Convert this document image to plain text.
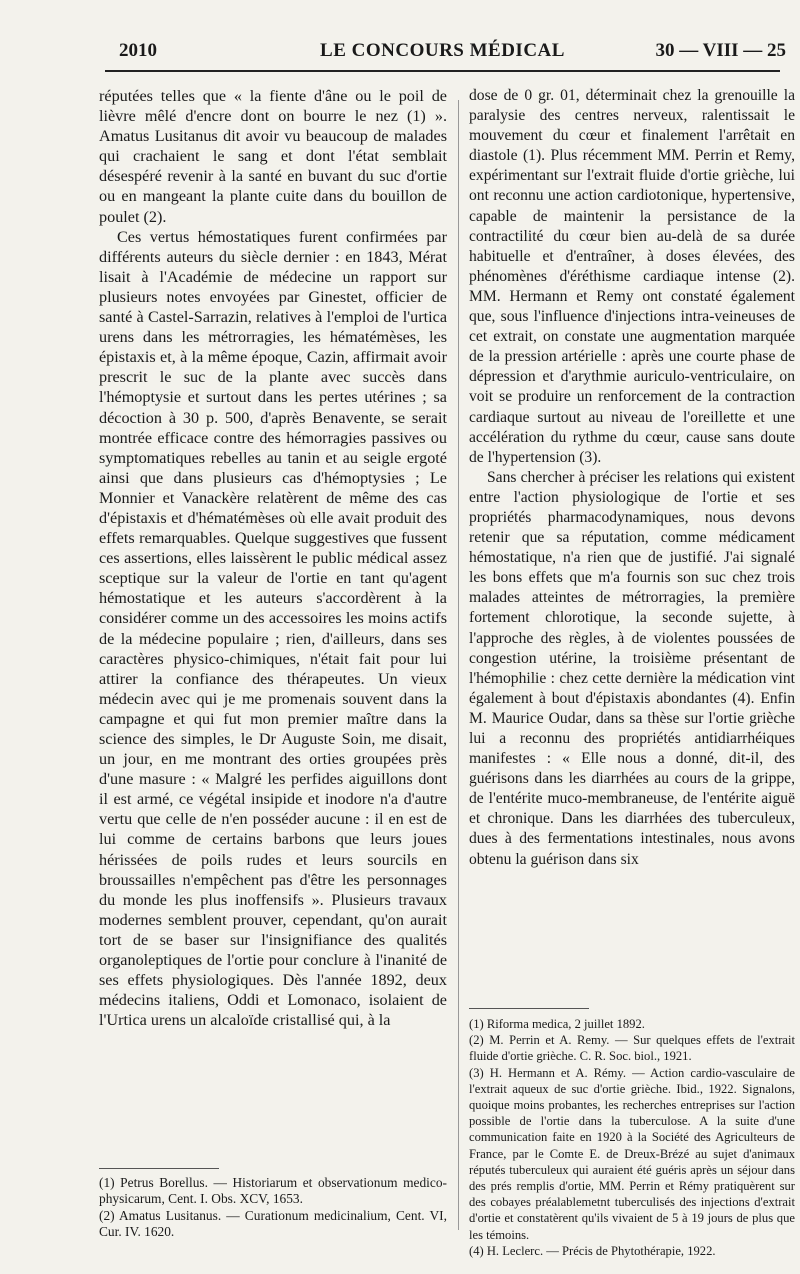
2010	LE CONCOURS MÉDICAL	30 — VIII — 25

réputées telles que « la fiente d'âne ou le poil de lièvre mêlé d'encre dont on bourre le nez (1) ». Amatus Lusitanus dit avoir vu beaucoup de malades qui crachaient le sang et dont l'état semblait désespéré revenir à la santé en buvant du suc d'ortie ou en mangeant la plante cuite dans du bouillon de poulet (2).

Ces vertus hémostatiques furent confirmées par différents auteurs du siècle dernier : en 1843, Mérat lisait à l'Académie de médecine un rapport sur plusieurs notes envoyées par Ginestet, officier de santé à Castel-Sarrazin, relatives à l'emploi de l'urtica urens dans les métrorragies, les hématémèses, les épistaxis et, à la même époque, Cazin, affirmait avoir prescrit le suc de la plante avec succès dans l'hémoptysie et surtout dans les pertes utérines ; sa décoction à 30 p. 500, d'après Benavente, se serait montrée efficace contre des hémorragies passives ou symptomatiques rebelles au tanin et au seigle ergoté ainsi que dans plusieurs cas d'hémoptysies ; Le Monnier et Vanackère relatèrent de même des cas d'épistaxis et d'hématémèses où elle avait produit des effets remarquables. Quelque suggestives que fussent ces assertions, elles laissèrent le public médical assez sceptique sur la valeur de l'ortie en tant qu'agent hémostatique et les auteurs s'accordèrent à la considérer comme un des accessoires les moins actifs de la médecine populaire ; rien, d'ailleurs, dans ses caractères physico-chimiques, n'était fait pour lui attirer la confiance des thérapeutes. Un vieux médecin avec qui je me promenais souvent dans la campagne et qui fut mon premier maître dans la science des simples, le Dr Auguste Soin, me disait, un jour, en me montrant des orties groupées près d'une masure : « Malgré les perfides aiguillons dont il est armé, ce végétal insipide et inodore n'a d'autre vertu que celle de n'en posséder aucune : il en est de lui comme de certains barbons que leurs joues hérissées de poils rudes et leurs sourcils en broussailles n'empêchent pas d'être les personnages du monde les plus inoffensifs ». Plusieurs travaux modernes semblent prouver, cependant, qu'on aurait tort de se baser sur l'insignifiance des qualités organoleptiques de l'ortie pour conclure à l'inanité de ses effets physiologiques. Dès l'année 1892, deux médecins italiens, Oddi et Lomonaco, isolaient de l'Urtica urens un alcaloïde cristallisé qui, à la

dose de 0 gr. 01, déterminait chez la grenouille la paralysie des centres nerveux, ralentissait le mouvement du cœur et finalement l'arrêtait en diastole (1). Plus récemment MM. Perrin et Remy, expérimentant sur l'extrait fluide d'ortie grièche, lui ont reconnu une action cardiotonique, hypertensive, capable de maintenir la persistance de la contractilité du cœur bien au-delà de sa durée habituelle et d'entraîner, à doses élevées, des phénomènes d'éréthisme cardiaque intense (2). MM. Hermann et Remy ont constaté également que, sous l'influence d'injections intra-veineuses de cet extrait, on constate une augmentation marquée de la pression artérielle : après une courte phase de dépression et d'arythmie auriculo-ventriculaire, on voit se produire un renforcement de la contraction cardiaque surtout au niveau de l'oreillette et une accélération du rythme du cœur, cause sans doute de l'hypertension (3).

Sans chercher à préciser les relations qui existent entre l'action physiologique de l'ortie et ses propriétés pharmacodynamiques, nous devons retenir que sa réputation, comme médicament hémostatique, n'a rien que de justifié. J'ai signalé les bons effets que m'a fournis son suc chez trois malades atteintes de métrorragies, la première fortement chlorotique, la seconde sujette, à l'approche des règles, à de violentes poussées de congestion utérine, la troisième présentant de l'hémophilie : chez cette dernière la médication vint également à bout d'épistaxis abondantes (4). Enfin M. Maurice Oudar, dans sa thèse sur l'ortie grièche lui a reconnu des propriétés antidiarrhéiques manifestes : « Elle nous a donné, dit-il, des guérisons dans les diarrhées au cours de la grippe, de l'entérite muco-membraneuse, de l'entérite aiguë et chronique. Dans les diarrhées des tuberculeux, dues à des fermentations intestinales, nous avons obtenu la guérison dans six

(1) Petrus Borellus. — Historiarum et observationum medico-physicarum, Cent. I. Obs. XCV, 1653.

(2) Amatus Lusitanus. — Curationum medicinalium, Cent. VI, Cur. IV. 1620.

(1) Riforma medica, 2 juillet 1892.

(2) M. Perrin et A. Remy. — Sur quelques effets de l'extrait fluide d'ortie grièche. C. R. Soc. biol., 1921.

(3) H. Hermann et A. Rémy. — Action cardio-vasculaire de l'extrait aqueux de suc d'ortie grièche. Ibid., 1922. Signalons, quoique moins probantes, les recherches entreprises sur l'action possible de l'ortie dans la tuberculose. A la suite d'une communication faite en 1920 à la Société des Agriculteurs de France, par le Comte E. de Dreux-Brézé au sujet d'animaux réputés tuberculeux qui auraient été guéris après un séjour dans des prés remplis d'ortie, MM. Perrin et Rémy pratiquèrent sur des cobayes préalablemetnt tuberculisés des injections d'extrait d'ortie et constatèrent qu'ils vivaient de 5 à 19 jours de plus que les témoins.

(4) H. Leclerc. — Précis de Phytothérapie, 1922.
